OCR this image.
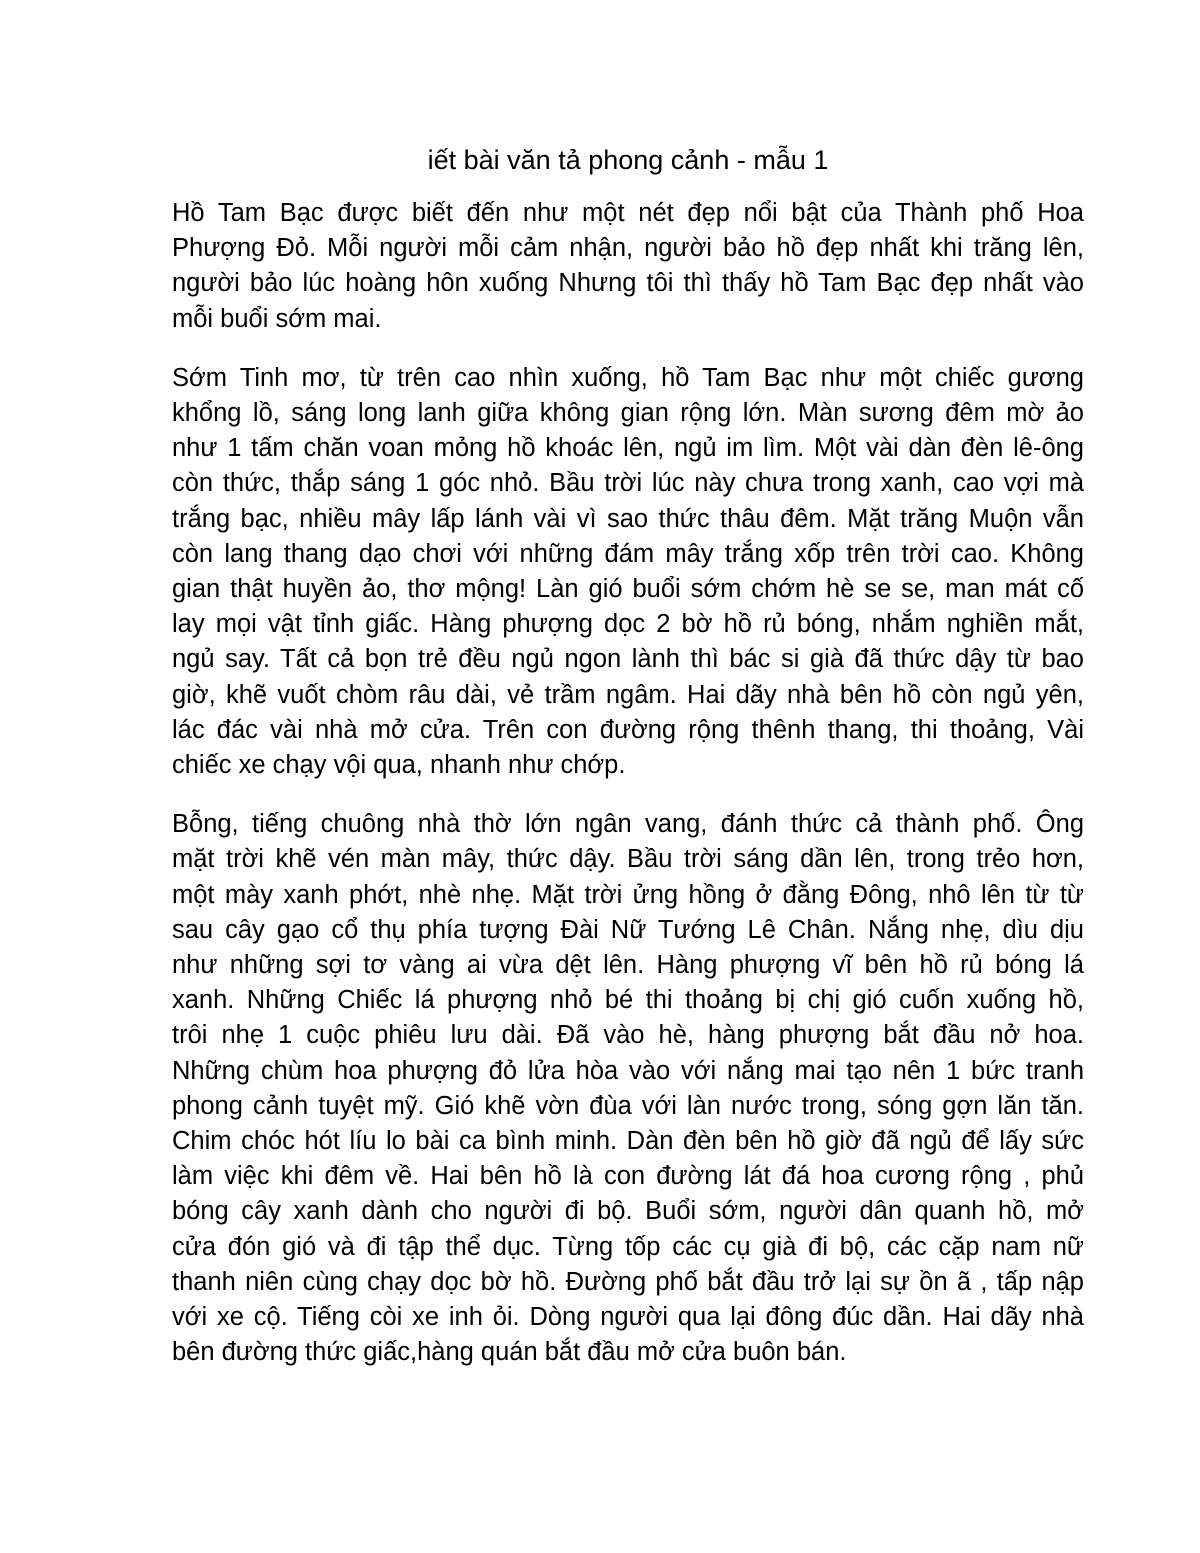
iết bài văn tả phong cảnh - mẫu 1
Hồ Tam Bạc được biết đến như một nét đẹp nổi bật của Thành phố Hoa
Phượng Đỏ. Mỗi người mỗi cảm nhận, người bảo hồ đẹp nhất khi trăng lên,
người bảo lúc hoàng hôn xuống Nhưng tôi thì thấy hồ Tam Bạc đẹp nhất vào
mỗi buổi sớm mai.
Sớm Tinh mơ, từ trên cao nhìn xuống, hồ Tam Bạc như một chiếc gương
khổng lồ, sáng long lanh giữa không gian rộng lớn. Màn sương đêm mờ ảo
như 1 tấm chăn voan mỏng hồ khoác lên, ngủ im lìm. Một vài dàn đèn lê-ông
còn thức, thắp sáng 1 góc nhỏ. Bầu trời lúc này chưa trong xanh, cao vợi mà
trắng bạc, nhiều mây lấp lánh vài vì sao thức thâu đêm. Mặt trăng Muộn vẫn
còn lang thang dạo chơi với những đám mây trắng xốp trên trời cao. Không
gian thật huyền ảo, thơ mộng! Làn gió buổi sớm chớm hè se se, man mát cố
lay mọi vật tỉnh giấc. Hàng phượng dọc 2 bờ hồ rủ bóng, nhắm nghiền mắt,
ngủ say. Tất cả bọn trẻ đều ngủ ngon lành thì bác si già đã thức dậy từ bao
giờ, khẽ vuốt chòm râu dài, vẻ trầm ngâm. Hai dãy nhà bên hồ còn ngủ yên,
lác đác vài nhà mở cửa. Trên con đường rộng thênh thang, thi thoảng, Vài
chiếc xe chạy vội qua, nhanh như chớp.
Bỗng, tiếng chuông nhà thờ lớn ngân vang, đánh thức cả thành phố. Ông
mặt trời khẽ vén màn mây, thức dậy. Bầu trời sáng dần lên, trong trẻo hơn,
một mày xanh phớt, nhè nhẹ. Mặt trời ửng hồng ở đằng Đông, nhô lên từ từ
sau cây gạo cổ thụ phía tượng Đài Nữ Tướng Lê Chân. Nắng nhẹ, dìu dịu
như những sợi tơ vàng ai vừa dệt lên. Hàng phượng vĩ bên hồ rủ bóng lá
xanh. Những Chiếc lá phượng nhỏ bé thi thoảng bị chị gió cuốn xuống hồ,
trôi nhẹ 1 cuộc phiêu lưu dài. Đã vào hè, hàng phượng bắt đầu nở hoa.
Những chùm hoa phượng đỏ lửa hòa vào với nắng mai tạo nên 1 bức tranh
phong cảnh tuyệt mỹ. Gió khẽ vờn đùa với làn nước trong, sóng gợn lăn tăn.
Chim chóc hót líu lo bài ca bình minh. Dàn đèn bên hồ giờ đã ngủ để lấy sức
làm việc khi đêm về. Hai bên hồ là con đường lát đá hoa cương rộng , phủ
bóng cây xanh dành cho người đi bộ. Buổi sớm, người dân quanh hồ, mở
cửa đón gió và đi tập thể dục. Từng tốp các cụ già đi bộ, các cặp nam nữ
thanh niên cùng chạy dọc bờ hồ. Đường phố bắt đầu trở lại sự ồn ã , tấp nập
với xe cộ. Tiếng còi xe inh ỏi. Dòng người qua lại đông đúc dần. Hai dãy nhà
bên đường thức giấc,hàng quán bắt đầu mở cửa buôn bán.
